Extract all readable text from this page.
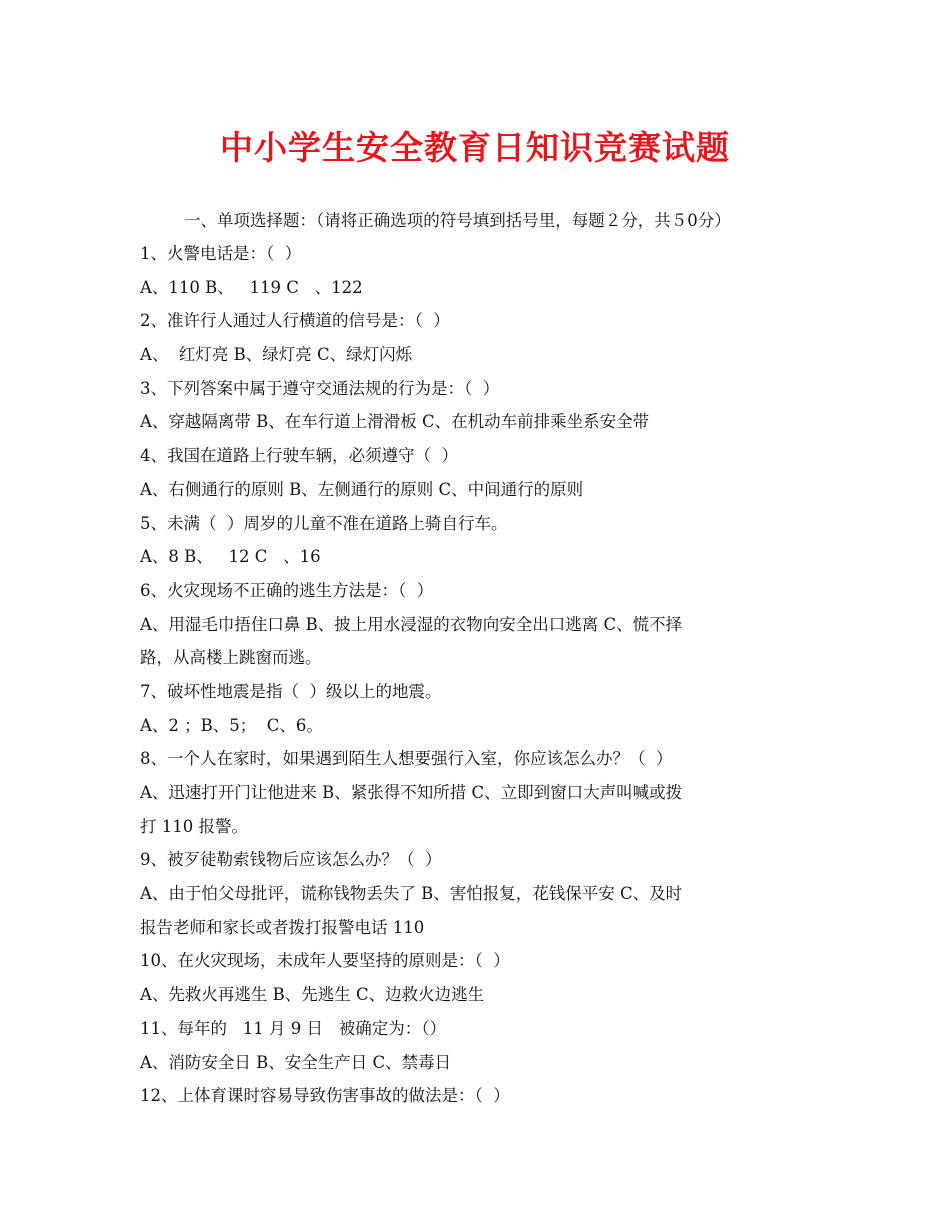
中小学生安全教育日知识竞赛试题
一、单项选择题：（请将正确选项的符号填到括号里，每题２分，共５0分）
1、火警电话是：（  ）
A、110 B、   119 C   、122
2、准许行人通过人行横道的信号是：（  ）
A、  红灯亮 B、绿灯亮 C、绿灯闪烁
3、下列答案中属于遵守交通法规的行为是：（  ）
A、穿越隔离带 B、在车行道上滑滑板 C、在机动车前排乘坐系安全带
4、我国在道路上行驶车辆，必须遵守（  ）
A、右侧通行的原则 B、左侧通行的原则 C、中间通行的原则
5、未满（  ）周岁的儿童不准在道路上骑自行车。
A、8 B、   12 C   、16
6、火灾现场不正确的逃生方法是：（  ）
A、用湿毛巾捂住口鼻 B、披上用水浸湿的衣物向安全出口逃离 C、慌不择
路，从高楼上跳窗而逃。
7、破坏性地震是指（  ）级以上的地震。
A、2 ；B、5；  C、6。
8、一个人在家时，如果遇到陌生人想要强行入室，你应该怎么办？（  ）
A、迅速打开门让他进来 B、紧张得不知所措 C、立即到窗口大声叫喊或拨
打 110 报警。
9、被歹徒勒索钱物后应该怎么办？（  ）
A、由于怕父母批评，谎称钱物丢失了 B、害怕报复，花钱保平安 C、及时
报告老师和家长或者拨打报警电话 110
10、在火灾现场，未成年人要坚持的原则是：（  ）
A、先救火再逃生 B、先逃生 C、边救火边逃生
11、每年的   11 月 9 日   被确定为：（）
A、消防安全日 B、安全生产日 C、禁毒日
12、上体育课时容易导致伤害事故的做法是：（  ）
